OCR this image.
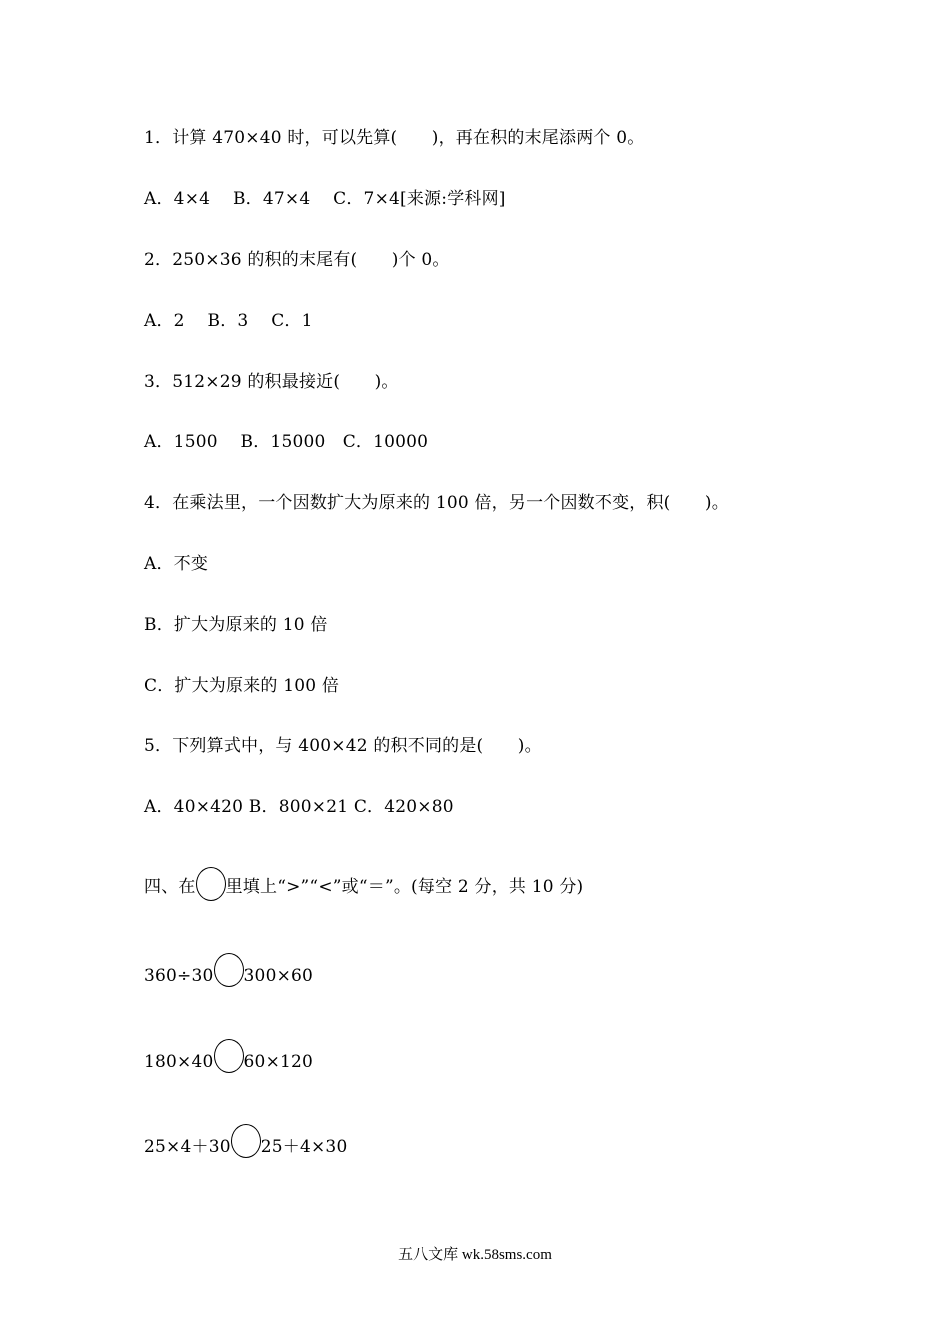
1．计算 470×40 时，可以先算(　　)，再在积的末尾添两个 0。
A．4×4　 B．47×4　 C．7×4[来源:学科网]
2．250×36 的积的末尾有(　　)个 0。
A．2　 B．3　 C．1
3．512×29 的积最接近(　　)。
A．1500　 B．15000　C．10000
4．在乘法里，一个因数扩大为原来的 100 倍，另一个因数不变，积(　　)。
A．不变
B．扩大为原来的 10 倍
C．扩大为原来的 100 倍
5．下列算式中，与 400×42 的积不同的是(　　)。
A．40×420 B．800×21 C．420×80
四、在 里填上“>”“<”或“＝”。(每空 2 分，共 10 分)
360÷30 300×60
180×40 60×120
25×4＋30 25＋4×30
五八文库 wk.58sms.com
